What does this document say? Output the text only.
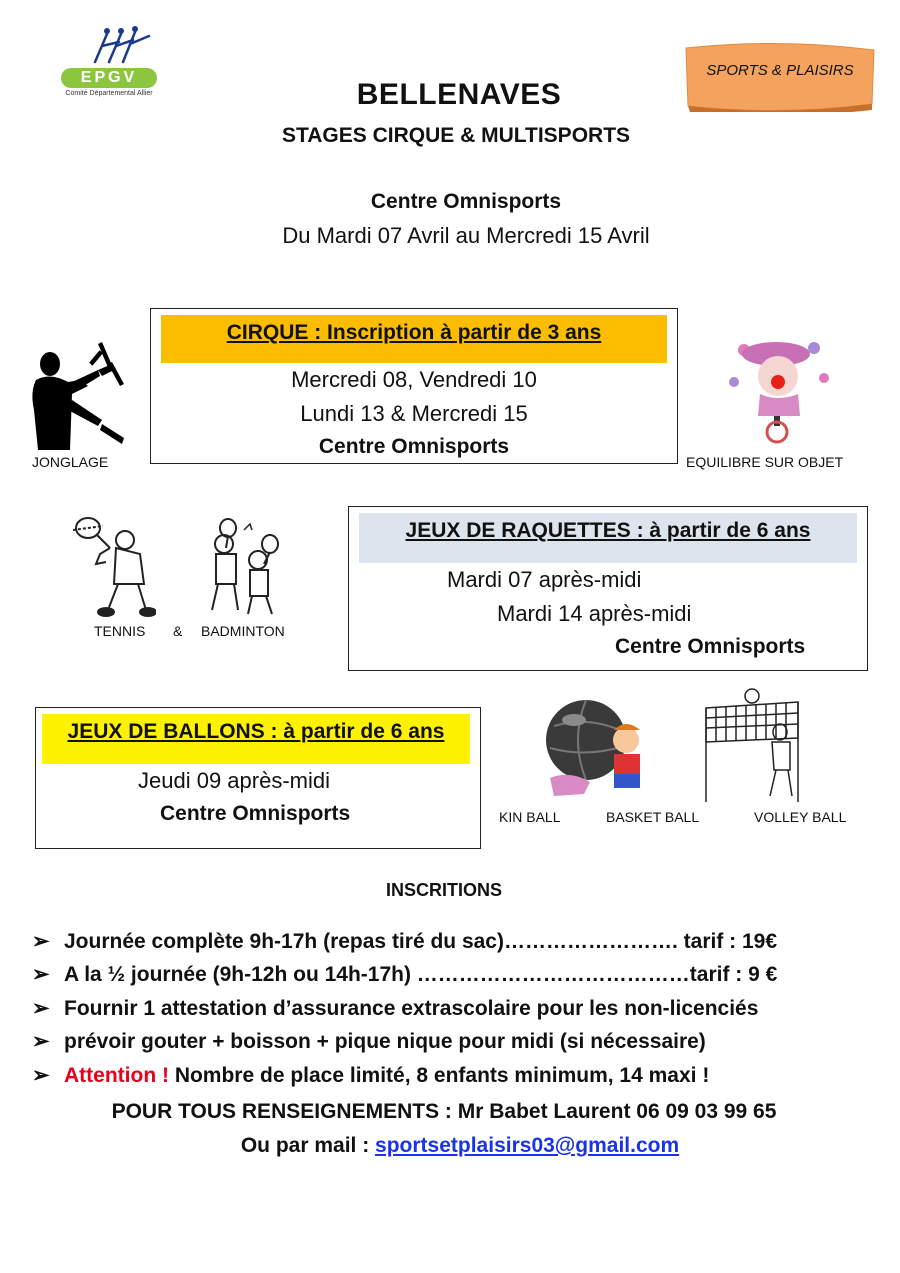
EPGV
Comité Départemental Allier
SPORTS & PLAISIRS
BELLENAVES
STAGES CIRQUE & MULTISPORTS
Centre Omnisports
Du Mardi 07 Avril au Mercredi 15 Avril
JONGLAGE
CIRQUE : Inscription à partir de 3 ans
Mercredi 08, Vendredi 10
Lundi 13 & Mercredi 15
Centre Omnisports
EQUILIBRE SUR OBJET
TENNIS & BADMINTON
JEUX DE RAQUETTES : à partir de 6 ans
Mardi 07 après-midi
Mardi 14 après-midi
Centre Omnisports
JEUX DE BALLONS : à partir de 6 ans
Jeudi 09 après-midi
Centre Omnisports	KIN BALL	BASKET BALL	VOLLEY BALL
INSCRITIONS
➢ Journée complète 9h-17h (repas tiré du sac)……………………. tarif : 19€
➢ A la ½ journée (9h-12h ou 14h-17h) …………………………………tarif : 9 €
➢ Fournir 1 attestation d’assurance extrascolaire pour les non-licenciés
➢ prévoir gouter + boisson + pique nique pour midi (si nécessaire)
➢ Attention ! Nombre de place limité, 8 enfants minimum, 14 maxi !
POUR TOUS RENSEIGNEMENTS : Mr Babet Laurent 06 09 03 99 65
Ou par mail : sportsetplaisirs03@gmail.com
